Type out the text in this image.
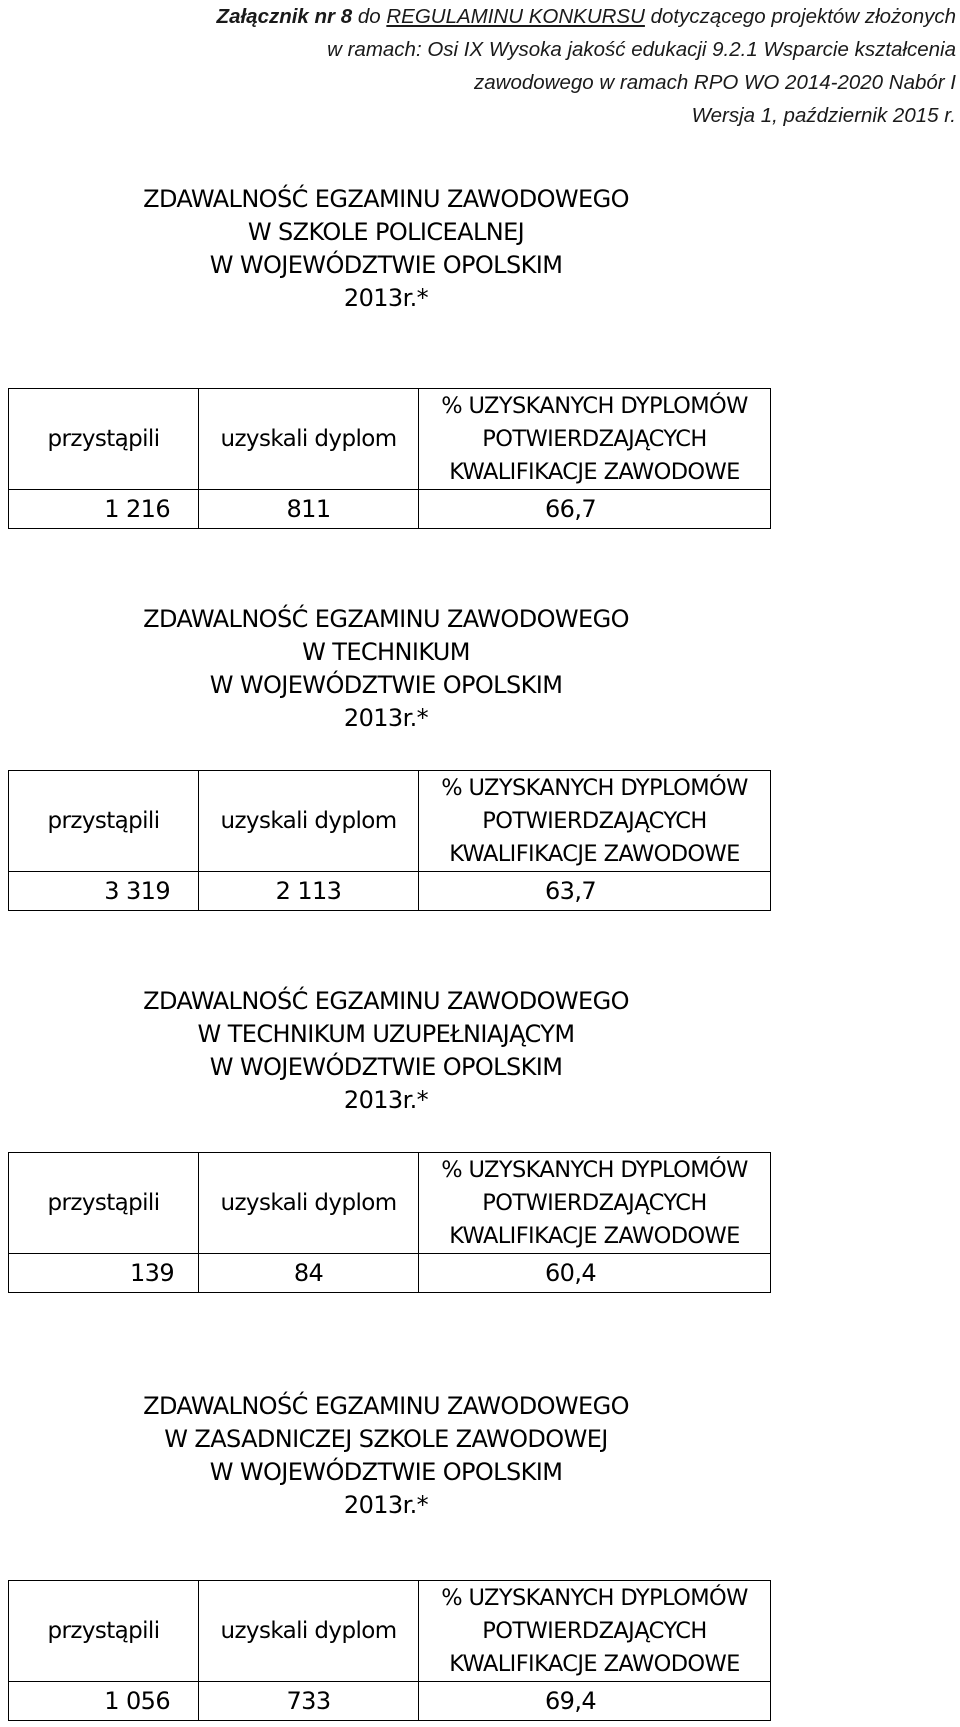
Załącznik nr 8 do REGULAMINU KONKURSU dotyczącego projektów złożonych
w ramach: Osi IX Wysoka jakość edukacji 9.2.1 Wsparcie kształcenia
zawodowego w ramach RPO WO 2014-2020 Nabór I
Wersja 1, październik 2015 r.
ZDAWALNOŚĆ EGZAMINU ZAWODOWEGO
W SZKOLE POLICEALNEJ
W WOJEWÓDZTWIE OPOLSKIM
2013r.*
przystąpili	uzyskali dyplom	% UZYSKANYCH DYPLOMÓW
POTWIERDZAJĄCYCH
KWALIFIKACJE ZAWODOWE

1 216	811	66,7
ZDAWALNOŚĆ EGZAMINU ZAWODOWEGO
W TECHNIKUM
W WOJEWÓDZTWIE OPOLSKIM
2013r.*
przystąpili	uzyskali dyplom	% UZYSKANYCH DYPLOMÓW
POTWIERDZAJĄCYCH
KWALIFIKACJE ZAWODOWE

3 319	2 113	63,7
ZDAWALNOŚĆ EGZAMINU ZAWODOWEGO
W TECHNIKUM UZUPEŁNIAJĄCYM
W WOJEWÓDZTWIE OPOLSKIM
2013r.*
przystąpili	uzyskali dyplom	% UZYSKANYCH DYPLOMÓW
POTWIERDZAJĄCYCH
KWALIFIKACJE ZAWODOWE

139	84	60,4
ZDAWALNOŚĆ EGZAMINU ZAWODOWEGO
W ZASADNICZEJ SZKOLE ZAWODOWEJ
W WOJEWÓDZTWIE OPOLSKIM
2013r.*
przystąpili	uzyskali dyplom	% UZYSKANYCH DYPLOMÓW
POTWIERDZAJĄCYCH
KWALIFIKACJE ZAWODOWE

1 056	733	69,4
